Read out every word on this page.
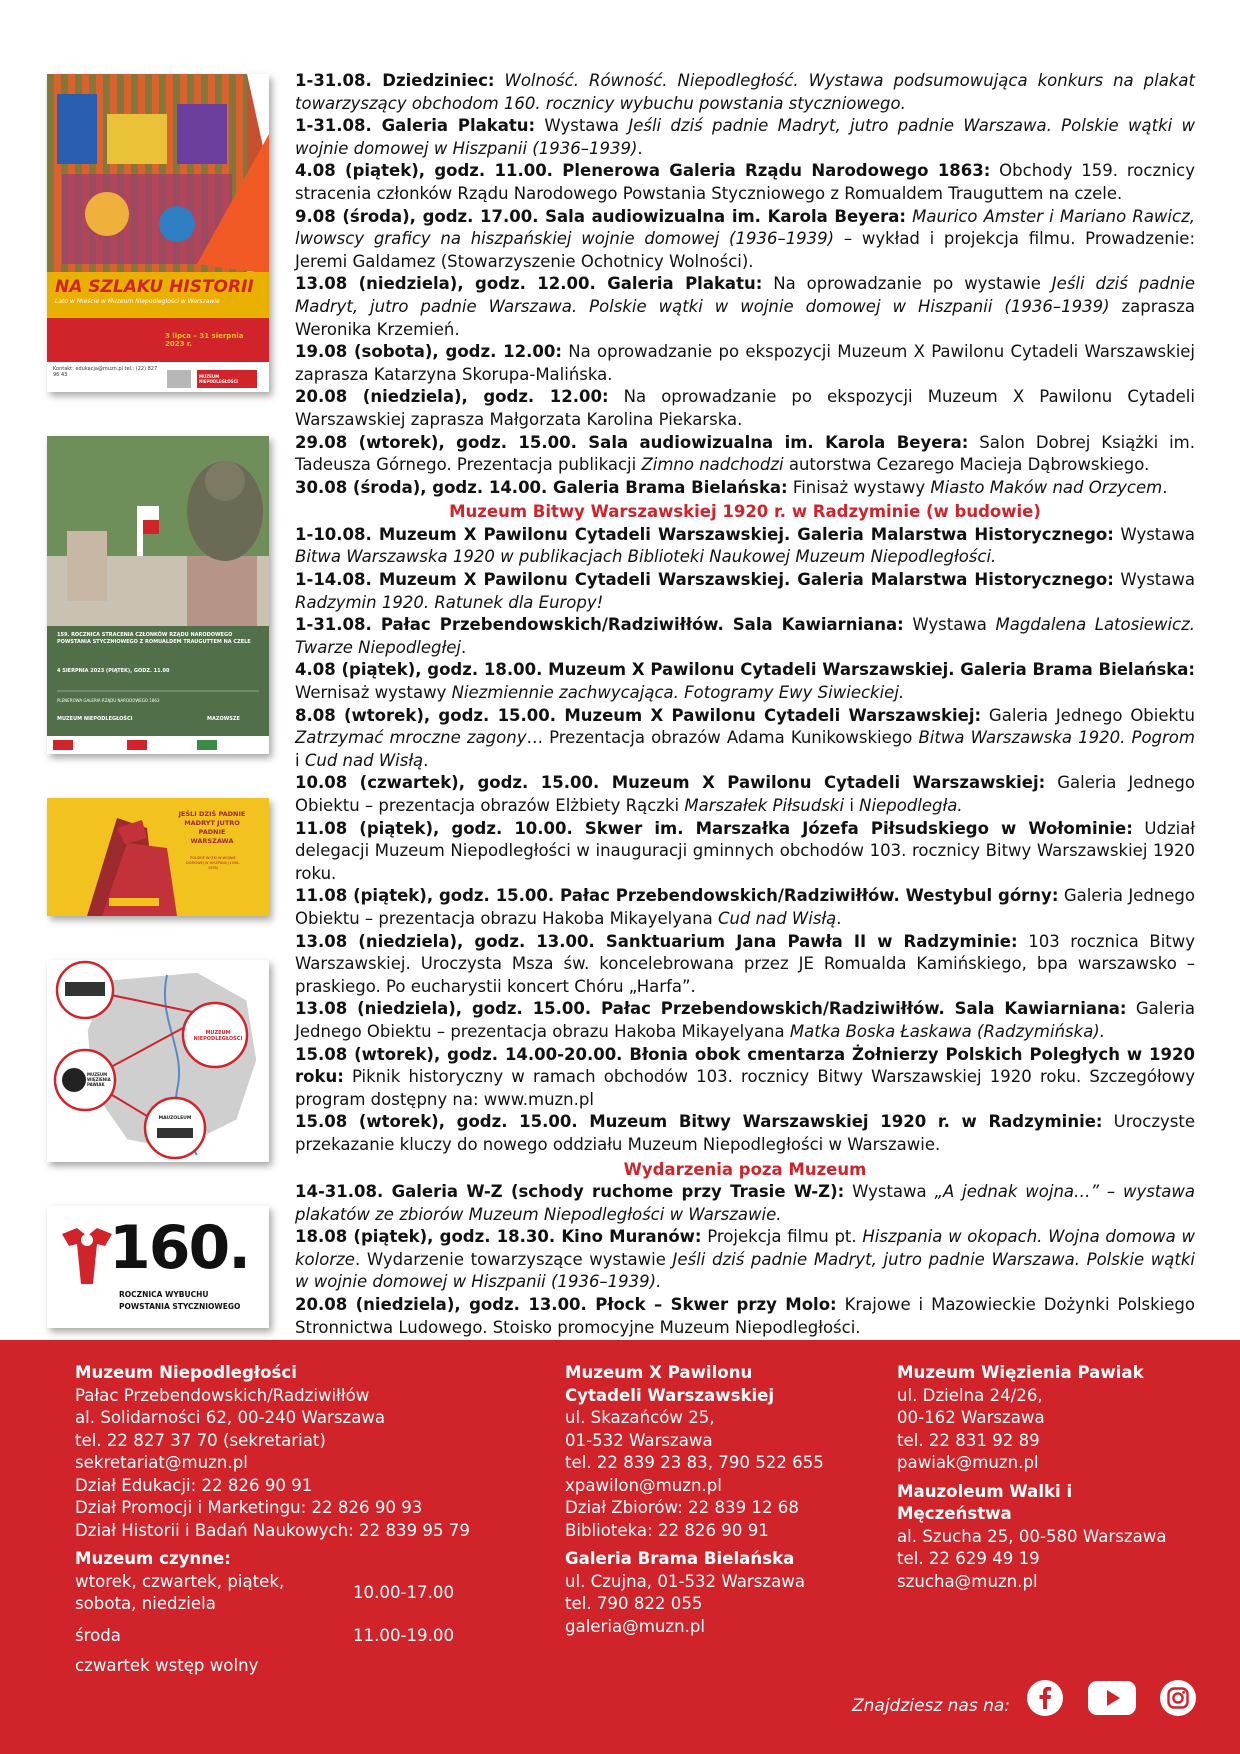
NA SZLAKU HISTORII
Lato w Mieście w Muzeum Niepodległości w Warszawie
3 lipca – 31 sierpnia 2023 r.
Kontakt: edukacja@muzn.pl tel.: (22) 827 96 43	MUZEUM NIEPODLEGŁOŚCI
159. ROCZNICA STRACENIA CZŁONKÓW RZĄDU NARODOWEGO POWSTANIA STYCZNIOWEGO Z ROMUALDEM TRAUGUTTEM NA CZELE
4 SIERPNIA 2023 (PIĄTEK), GODZ. 11.00
PLENEROWA GALERIA RZĄDU NARODOWEGO 1863
MUZEUM NIEPODLEGŁOŚCI	MAZOWSZE
JEŚLI DZIŚ PADNIE MADRYT JUTRO PADNIE WARSZAWA
POLSKIE WĄTKI W WOJNIE DOMOWEJ W HISZPANII (1936–1939)
MUZEUM NIEPODLEGŁOŚCI
MUZEUM WIĘZIENIA PAWIAK
MAUZOLEUM
160.
ROCZNICA WYBUCHU
POWSTANIA STYCZNIOWEGO

1-31.08. Dziedziniec: Wolność. Równość. Niepodległość. Wystawa podsumowująca konkurs na plakat towarzyszący obchodom 160. rocznicy wybuchu powstania styczniowego.

1-31.08. Galeria Plakatu: Wystawa Jeśli dziś padnie Madryt, jutro padnie Warszawa. Polskie wątki w wojnie domowej w Hiszpanii (1936–1939).

4.08 (piątek), godz. 11.00. Plenerowa Galeria Rządu Narodowego 1863: Obchody 159. rocznicy stracenia członków Rządu Narodowego Powstania Styczniowego z Romualdem Trauguttem na czele.

9.08 (środa), godz. 17.00. Sala audiowizualna im. Karola Beyera: Maurico Amster i Mariano Rawicz, lwowscy graficy na hiszpańskiej wojnie domowej (1936–1939) – wykład i projekcja filmu. Prowadzenie: Jeremi Galdamez (Stowarzyszenie Ochotnicy Wolności).

13.08 (niedziela), godz. 12.00. Galeria Plakatu: Na oprowadzanie po wystawie Jeśli dziś padnie Madryt, jutro padnie Warszawa. Polskie wątki w wojnie domowej w Hiszpanii (1936–1939) zaprasza Weronika Krzemień.

19.08 (sobota), godz. 12.00: Na oprowadzanie po ekspozycji Muzeum X Pawilonu Cytadeli Warszawskiej zaprasza Katarzyna Skorupa-Malińska.

20.08 (niedziela), godz. 12.00: Na oprowadzanie po ekspozycji Muzeum X Pawilonu Cytadeli Warszawskiej zaprasza Małgorzata Karolina Piekarska.

29.08 (wtorek), godz. 15.00. Sala audiowizualna im. Karola Beyera: Salon Dobrej Książki im. Tadeusza Górnego. Prezentacja publikacji Zimno nadchodzi autorstwa Cezarego Macieja Dąbrowskiego.

30.08 (środa), godz. 14.00. Galeria Brama Bielańska: Finisaż wystawy Miasto Maków nad Orzycem.

Muzeum Bitwy Warszawskiej 1920 r. w Radzyminie (w budowie)

1-10.08. Muzeum X Pawilonu Cytadeli Warszawskiej. Galeria Malarstwa Historycznego: Wystawa Bitwa Warszawska 1920 w publikacjach Biblioteki Naukowej Muzeum Niepodległości.

1-14.08. Muzeum X Pawilonu Cytadeli Warszawskiej. Galeria Malarstwa Historycznego: Wystawa Radzymin 1920. Ratunek dla Europy!

1-31.08. Pałac Przebendowskich/Radziwiłłów. Sala Kawiarniana: Wystawa Magdalena Latosiewicz. Twarze Niepodległej.

4.08 (piątek), godz. 18.00. Muzeum X Pawilonu Cytadeli Warszawskiej. Galeria Brama Bielańska: Wernisaż wystawy Niezmiennie zachwycająca. Fotogramy Ewy Siwieckiej.

8.08 (wtorek), godz. 15.00. Muzeum X Pawilonu Cytadeli Warszawskiej: Galeria Jednego Obiektu Zatrzymać mroczne zagony… Prezentacja obrazów Adama Kunikowskiego Bitwa Warszawska 1920. Pogrom i Cud nad Wisłą.

10.08 (czwartek), godz. 15.00. Muzeum X Pawilonu Cytadeli Warszawskiej: Galeria Jednego Obiektu – prezentacja obrazów Elżbiety Rączki Marszałek Piłsudski i Niepodległa.

11.08 (piątek), godz. 10.00. Skwer im. Marszałka Józefa Piłsudskiego w Wołominie: Udział delegacji Muzeum Niepodległości w inauguracji gminnych obchodów 103. rocznicy Bitwy Warszawskiej 1920 roku.

11.08 (piątek), godz. 15.00. Pałac Przebendowskich/Radziwiłłów. Westybul górny: Galeria Jednego Obiektu – prezentacja obrazu Hakoba Mikayelyana Cud nad Wisłą.

13.08 (niedziela), godz. 13.00. Sanktuarium Jana Pawła II w Radzyminie: 103 rocznica Bitwy Warszawskiej. Uroczysta Msza św. koncelebrowana przez JE Romualda Kamińskiego, bpa warszawsko – praskiego. Po eucharystii koncert Chóru „Harfa”.

13.08 (niedziela), godz. 15.00. Pałac Przebendowskich/Radziwiłłów. Sala Kawiarniana: Galeria Jednego Obiektu – prezentacja obrazu Hakoba Mikayelyana Matka Boska Łaskawa (Radzymińska).

15.08 (wtorek), godz. 14.00-20.00. Błonia obok cmentarza Żołnierzy Polskich Poległych w 1920 roku: Piknik historyczny w ramach obchodów 103. rocznicy Bitwy Warszawskiej 1920 roku. Szczegółowy program dostępny na: www.muzn.pl

15.08 (wtorek), godz. 15.00. Muzeum Bitwy Warszawskiej 1920 r. w Radzyminie: Uroczyste przekazanie kluczy do nowego oddziału Muzeum Niepodległości w Warszawie.

Wydarzenia poza Muzeum

14-31.08. Galeria W-Z (schody ruchome przy Trasie W-Z): Wystawa „A jednak wojna…” – wystawa plakatów ze zbiorów Muzeum Niepodległości w Warszawie.

18.08 (piątek), godz. 18.30. Kino Muranów: Projekcja filmu pt. Hiszpania w okopach. Wojna domowa w kolorze. Wydarzenie towarzyszące wystawie Jeśli dziś padnie Madryt, jutro padnie Warszawa. Polskie wątki w wojnie domowej w Hiszpanii (1936–1939).

20.08 (niedziela), godz. 13.00. Płock – Skwer przy Molo: Krajowe i Mazowieckie Dożynki Polskiego Stronnictwa Ludowego. Stoisko promocyjne Muzeum Niepodległości.

Muzeum Niepodległości
Pałac Przebendowskich/Radziwiłłów
al. Solidarności 62, 00-240 Warszawa
tel. 22 827 37 70 (sekretariat)
sekretariat@muzn.pl
Dział Edukacji: 22 826 90 91
Dział Promocji i Marketingu: 22 826 90 93
Dział Historii i Badań Naukowych: 22 839 95 79
Muzeum czynne:
wtorek, czwartek, piątek, sobota, niedziela
10.00-17.00
środa	11.00-19.00
czwartek wstęp wolny
Muzeum X Pawilonu Cytadeli Warszawskiej
ul. Skazańców 25,
01-532 Warszawa
tel. 22 839 23 83, 790 522 655
xpawilon@muzn.pl
Dział Zbiorów: 22 839 12 68
Biblioteka: 22 826 90 91
Galeria Brama Bielańska
ul. Czujna, 01-532 Warszawa
tel. 790 822 055
galeria@muzn.pl
Muzeum Więzienia Pawiak
ul. Dzielna 24/26,
00-162 Warszawa
tel. 22 831 92 89
pawiak@muzn.pl
Mauzoleum Walki i Męczeństwa
al. Szucha 25, 00-580 Warszawa
tel. 22 629 49 19
szucha@muzn.pl
Znajdziesz nas na:
